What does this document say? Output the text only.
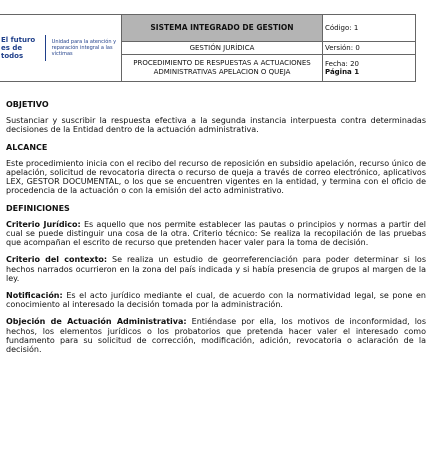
El futuro es de todos
Unidad para la atención y reparación integral a las víctimas	SISTEMA INTEGRADO DE GESTION	Código: 1

	GESTIÓN JURÍDICA	Versión: 0

	PROCEDIMIENTO DE RESPUESTAS A ACTUACIONES ADMINISTRATIVAS APELACION O QUEJA	Fecha: 20
Página 1

OBJETIVO

Sustanciar y suscribir la respuesta efectiva a la segunda instancia interpuesta contra determinadas decisiones de la Entidad dentro de la actuación administrativa.

ALCANCE

Este procedimiento inicia con el recibo del recurso de reposición en subsidio apelación, recurso único de apelación, solicitud de revocatoria directa o recurso de queja a través de correo electrónico, aplicativos LEX, GESTOR DOCUMENTAL, o los que se encuentren vigentes en la entidad, y termina con el oficio de procedencia de la actuación o con la emisión del acto administrativo.

DEFINICIONES

Criterio Jurídico: Es aquello que nos permite establecer las pautas o principios y normas a partir del cual se puede distinguir una cosa de la otra. Criterio técnico: Se realiza la recopilación de las pruebas que acompañan el escrito de recurso que pretenden hacer valer para la toma de decisión.

Criterio del contexto: Se realiza un estudio de georreferenciación para poder determinar si los hechos narrados ocurrieron en la zona del país indicada y si había presencia de grupos al margen de la ley.

Notificación: Es el acto jurídico mediante el cual, de acuerdo con la normatividad legal, se pone en conocimiento al interesado la decisión tomada por la administración.

Objeción de Actuación Administrativa: Entiéndase por ella, los motivos de inconformidad, los hechos, los elementos jurídicos o los probatorios que pretenda hacer valer el interesado como fundamento para su solicitud de corrección, modificación, adición, revocatoria o aclaración de la decisión.
